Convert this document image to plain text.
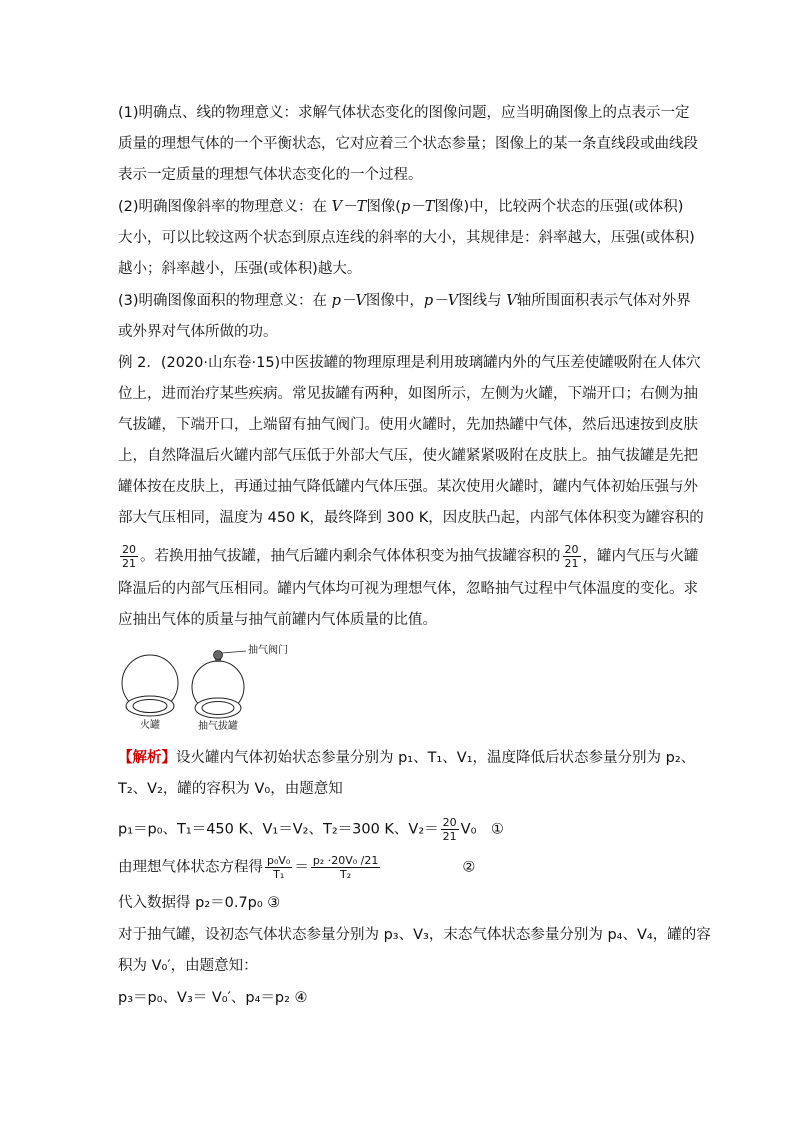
(1)明确点、线的物理意义：求解气体状态变化的图像问题，应当明确图像上的点表示一定
质量的理想气体的一个平衡状态，它对应着三个状态参量；图像上的某一条直线段或曲线段
表示一定质量的理想气体状态变化的一个过程。
(2)明确图像斜率的物理意义：在 V－T图像(p－T图像)中，比较两个状态的压强(或体积)
大小，可以比较这两个状态到原点连线的斜率的大小，其规律是：斜率越大，压强(或体积)
越小；斜率越小，压强(或体积)越大。
(3)明确图像面积的物理意义：在 p－V图像中，p－V图线与 V轴所围面积表示气体对外界
或外界对气体所做的功。
例 2．(2020·山东卷·15)中医拔罐的物理原理是利用玻璃罐内外的气压差使罐吸附在人体穴
位上，进而治疗某些疾病。常见拔罐有两种，如图所示，左侧为火罐，下端开口；右侧为抽
气拔罐，下端开口，上端留有抽气阀门。使用火罐时，先加热罐中气体，然后迅速按到皮肤
上，自然降温后火罐内部气压低于外部大气压，使火罐紧紧吸附在皮肤上。抽气拔罐是先把
罐体按在皮肤上，再通过抽气降低罐内气体压强。某次使用火罐时，罐内气体初始压强与外
部大气压相同，温度为 450 K，最终降到 300 K，因皮肤凸起，内部气体体积变为罐容积的
$\frac{20}{21}$ 。若换用抽气拔罐，抽气后罐内剩余气体体积变为抽气拔罐容积的 $\frac{20}{21}$ ，罐内气压与火罐
降温后的内部气压相同。罐内气体均可视为理想气体，忽略抽气过程中气体温度的变化。求
应抽出气体的质量与抽气前罐内气体质量的比值。
火罐	抽气拔罐
抽气阀门
【解析】设火罐内气体初始状态参量分别为 p₁、T₁、V₁，温度降低后状态参量分别为 p₂、
T₂、V₂，罐的容积为 V₀，由题意知
p₁＝p₀、T₁＝450 K、V₁＝V₂、T₂＝300 K、$V_2= \frac{20}{21} V_0$　①
由理想气体状态方程得 $\frac{\text{p₀V₀}}{\text{T₁}} = \frac{\text{p₂ ·20V₀ /21}}{\text{T₂}}$	②
代入数据得 p₂＝0.7p₀ ③
对于抽气罐，设初态气体状态参量分别为 p₃、V₃，末态气体状态参量分别为 p₄、V₄，罐的容
积为 V₀′，由题意知：
p₃＝p₀、V₃＝ V₀′、p₄＝p₂ ④
